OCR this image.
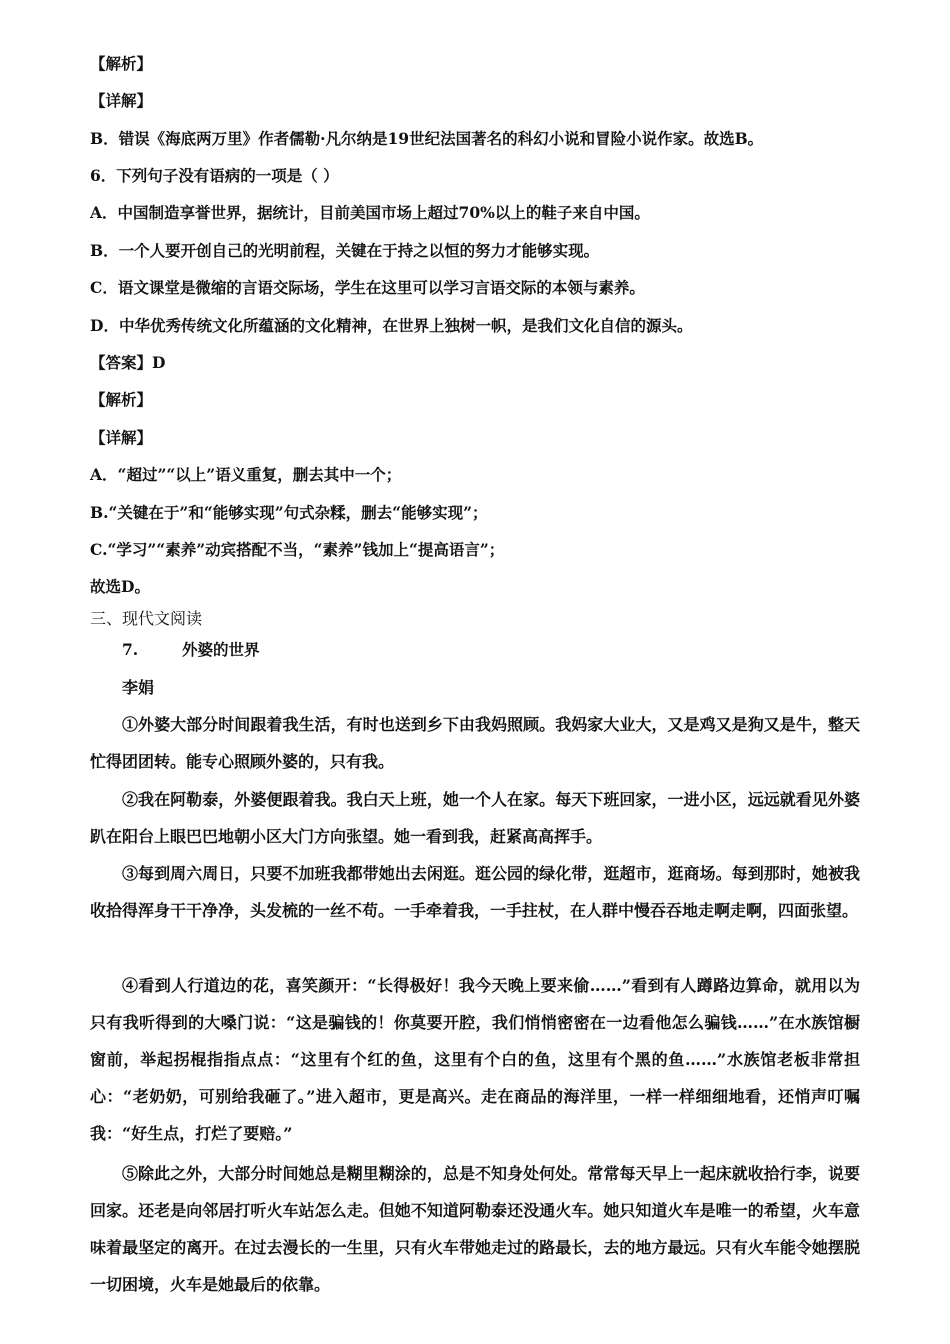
【解析】
【详解】
B．错误《海底两万里》作者儒勒·凡尔纳是19世纪法国著名的科幻小说和冒险小说作家。故选B。
6．下列句子没有语病的一项是（ ）
A．中国制造享誉世界，据统计，目前美国市场上超过70%以上的鞋子来自中国。
B．一个人要开创自己的光明前程，关键在于持之以恒的努力才能够实现。
C．语文课堂是微缩的言语交际场，学生在这里可以学习言语交际的本领与素养。
D．中华优秀传统文化所蕴涵的文化精神，在世界上独树一帜，是我们文化自信的源头。
【答案】D
【解析】
【详解】
A．“超过”“以上”语义重复，删去其中一个；
B.“关键在于”和“能够实现”句式杂糅，删去“能够实现”；
C.“学习”“素养”动宾搭配不当，“素养”钱加上“提高语言”；
故选D。
三、现代文阅读
7.	外婆的世界
李娟
①外婆大部分时间跟着我生活，有时也送到乡下由我妈照顾。我妈家大业大，又是鸡又是狗又是牛，整天忙得团团转。能专心照顾外婆的，只有我。
②我在阿勒泰，外婆便跟着我。我白天上班，她一个人在家。每天下班回家，一进小区，远远就看见外婆趴在阳台上眼巴巴地朝小区大门方向张望。她一看到我，赶紧高高挥手。
③每到周六周日，只要不加班我都带她出去闲逛。逛公园的绿化带，逛超市，逛商场。每到那时，她被我收拾得浑身干干净净，头发梳的一丝不苟。一手牵着我，一手拄杖，在人群中慢吞吞地走啊走啊，四面张望。
④看到人行道边的花，喜笑颜开：“长得极好！我今天晚上要来偷……”看到有人蹲路边算命，就用以为只有我听得到的大嗓门说：“这是骗钱的！你莫要开腔，我们悄悄密密在一边看他怎么骗钱……”在水族馆橱窗前，举起拐棍指指点点：“这里有个红的鱼，这里有个白的鱼，这里有个黑的鱼……”水族馆老板非常担心：“老奶奶，可别给我砸了。”进入超市，更是高兴。走在商品的海洋里，一样一样细细地看，还悄声叮嘱我：“好生点，打烂了要赔。”
⑤除此之外，大部分时间她总是糊里糊涂的，总是不知身处何处。常常每天早上一起床就收拾行李，说要回家。还老是向邻居打听火车站怎么走。但她不知道阿勒泰还没通火车。她只知道火车是唯一的希望，火车意味着最坚定的离开。在过去漫长的一生里，只有火车带她走过的路最长，去的地方最远。只有火车能令她摆脱一切困境，火车是她最后的依靠。
